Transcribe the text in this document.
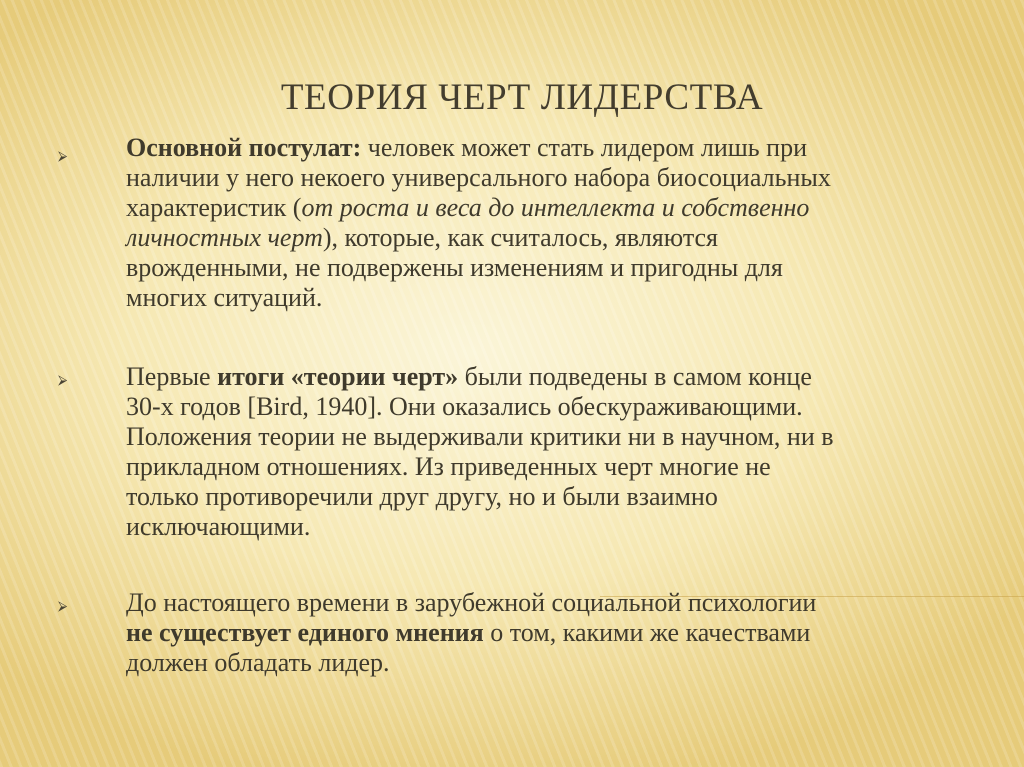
ТЕОРИЯ ЧЕРТ ЛИДЕРСТВА
⮚ Основной постулат: человек может стать лидером лишь при
наличии у него некоего универсального набора биосоциальных
характеристик (от роста и веса до интеллекта и собственно
личностных черт), которые, как считалось, являются
врожденными, не подвержены изменениям и пригодны для
многих ситуаций.
⮚ Первые итоги «теории черт» были подведены в самом конце
30-х годов [Bird, 1940]. Они оказались обескураживающими.
Положения теории не выдерживали критики ни в научном, ни в
прикладном отношениях. Из приведенных черт многие не
только противоречили друг другу, но и были взаимно
исключающими.
⮚ До настоящего времени в зарубежной социальной психологии
не существует единого мнения о том, какими же качествами
должен обладать лидер.
